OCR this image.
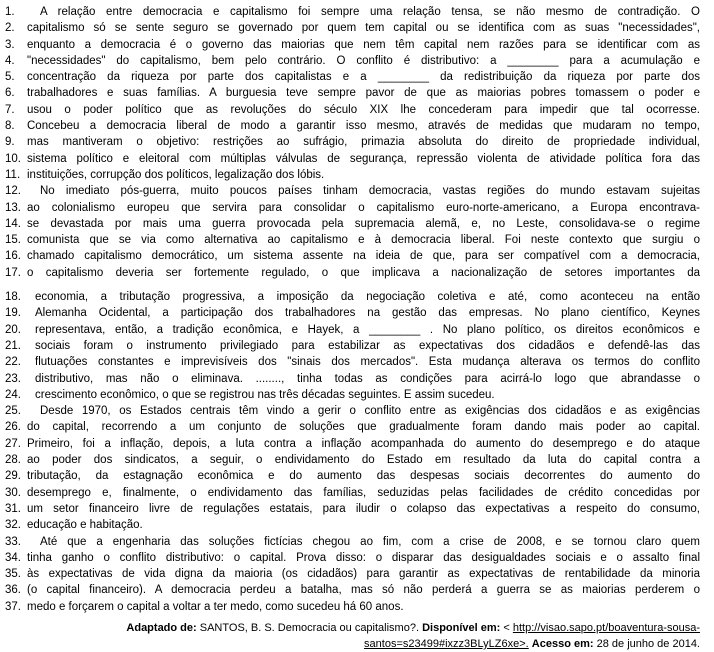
1.	A relação entre democracia e capitalismo foi sempre uma relação tensa, se não mesmo de contradição. O
2.	capitalismo só se sente seguro se governado por quem tem capital ou se identifica com as suas "necessidades",
3.	enquanto a democracia é o governo das maiorias que nem têm capital nem razões para se identificar com as
4.	"necessidades" do capitalismo, bem pelo contrário. O conflito é distributivo: a ________ para a acumulação e
5.	concentração da riqueza por parte dos capitalistas e a ________ da redistribuição da riqueza por parte dos
6.	trabalhadores e suas famílias. A burguesia teve sempre pavor de que as maiorias pobres tomassem o poder e
7.	usou o poder político que as revoluções do século XIX lhe concederam para impedir que tal ocorresse.
8.	Concebeu a democracia liberal de modo a garantir isso mesmo, através de medidas que mudaram no tempo,
9.	mas mantiveram o objetivo: restrições ao sufrágio, primazia absoluta do direito de propriedade individual,
10. sistema político e eleitoral com múltiplas válvulas de segurança, repressão violenta de atividade política fora das
11. instituições, corrupção dos políticos, legalização dos lóbis.
12.	No imediato pós-guerra, muito poucos países tinham democracia, vastas regiões do mundo estavam sujeitas
13. ao colonialismo europeu que servira para consolidar o capitalismo euro-norte-americano, a Europa encontrava-
14. se devastada por mais uma guerra provocada pela supremacia alemã, e, no Leste, consolidava-se o regime
15. comunista que se via como alternativa ao capitalismo e à democracia liberal. Foi neste contexto que surgiu o
16. chamado capitalismo democrático, um sistema assente na ideia de que, para ser compatível com a democracia,
17. o capitalismo deveria ser fortemente regulado, o que implicava a nacionalização de setores importantes da
18.	economia, a tributação progressiva, a imposição da negociação coletiva e até, como aconteceu na então
19.	Alemanha Ocidental, a participação dos trabalhadores na gestão das empresas. No plano científico, Keynes
20.	representava, então, a tradição econômica, e Hayek, a ________ . No plano político, os direitos econômicos e
21.	sociais foram o instrumento privilegiado para estabilizar as expectativas dos cidadãos e defendê-las das
22.	flutuações constantes e imprevisíveis dos "sinais dos mercados". Esta mudança alterava os termos do conflito
23.	distributivo, mas não o eliminava. ........, tinha todas as condições para acirrá-lo logo que abrandasse o
24.	crescimento econômico, o que se registrou nas três décadas seguintes. E assim sucedeu.
25.	Desde 1970, os Estados centrais têm vindo a gerir o conflito entre as exigências dos cidadãos e as exigências
26. do capital, recorrendo a um conjunto de soluções que gradualmente foram dando mais poder ao capital.
27. Primeiro, foi a inflação, depois, a luta contra a inflação acompanhada do aumento do desemprego e do ataque
28. ao poder dos sindicatos, a seguir, o endividamento do Estado em resultado da luta do capital contra a
29. tributação, da estagnação econômica e do aumento das despesas sociais decorrentes do aumento do
30. desemprego e, finalmente, o endividamento das famílias, seduzidas pelas facilidades de crédito concedidas por
31. um setor financeiro livre de regulações estatais, para iludir o colapso das expectativas a respeito do consumo,
32. educação e habitação.
33.	Até que a engenharia das soluções fictícias chegou ao fim, com a crise de 2008, e se tornou claro quem
34. tinha ganho o conflito distributivo: o capital. Prova disso: o disparar das desigualdades sociais e o assalto final
35. às expectativas de vida digna da maioria (os cidadãos) para garantir as expectativas de rentabilidade da minoria
36. (o capital financeiro). A democracia perdeu a batalha, mas só não perderá a guerra se as maiorias perderem o
37. medo e forçarem o capital a voltar a ter medo, como sucedeu há 60 anos.
Adaptado de: SANTOS, B. S. Democracia ou capitalismo?. Disponível em: < http://visao.sapo.pt/boaventura-sousa-
santos=s23499#ixzz3BLyLZ6xe>. Acesso em: 28 de junho de 2014.
